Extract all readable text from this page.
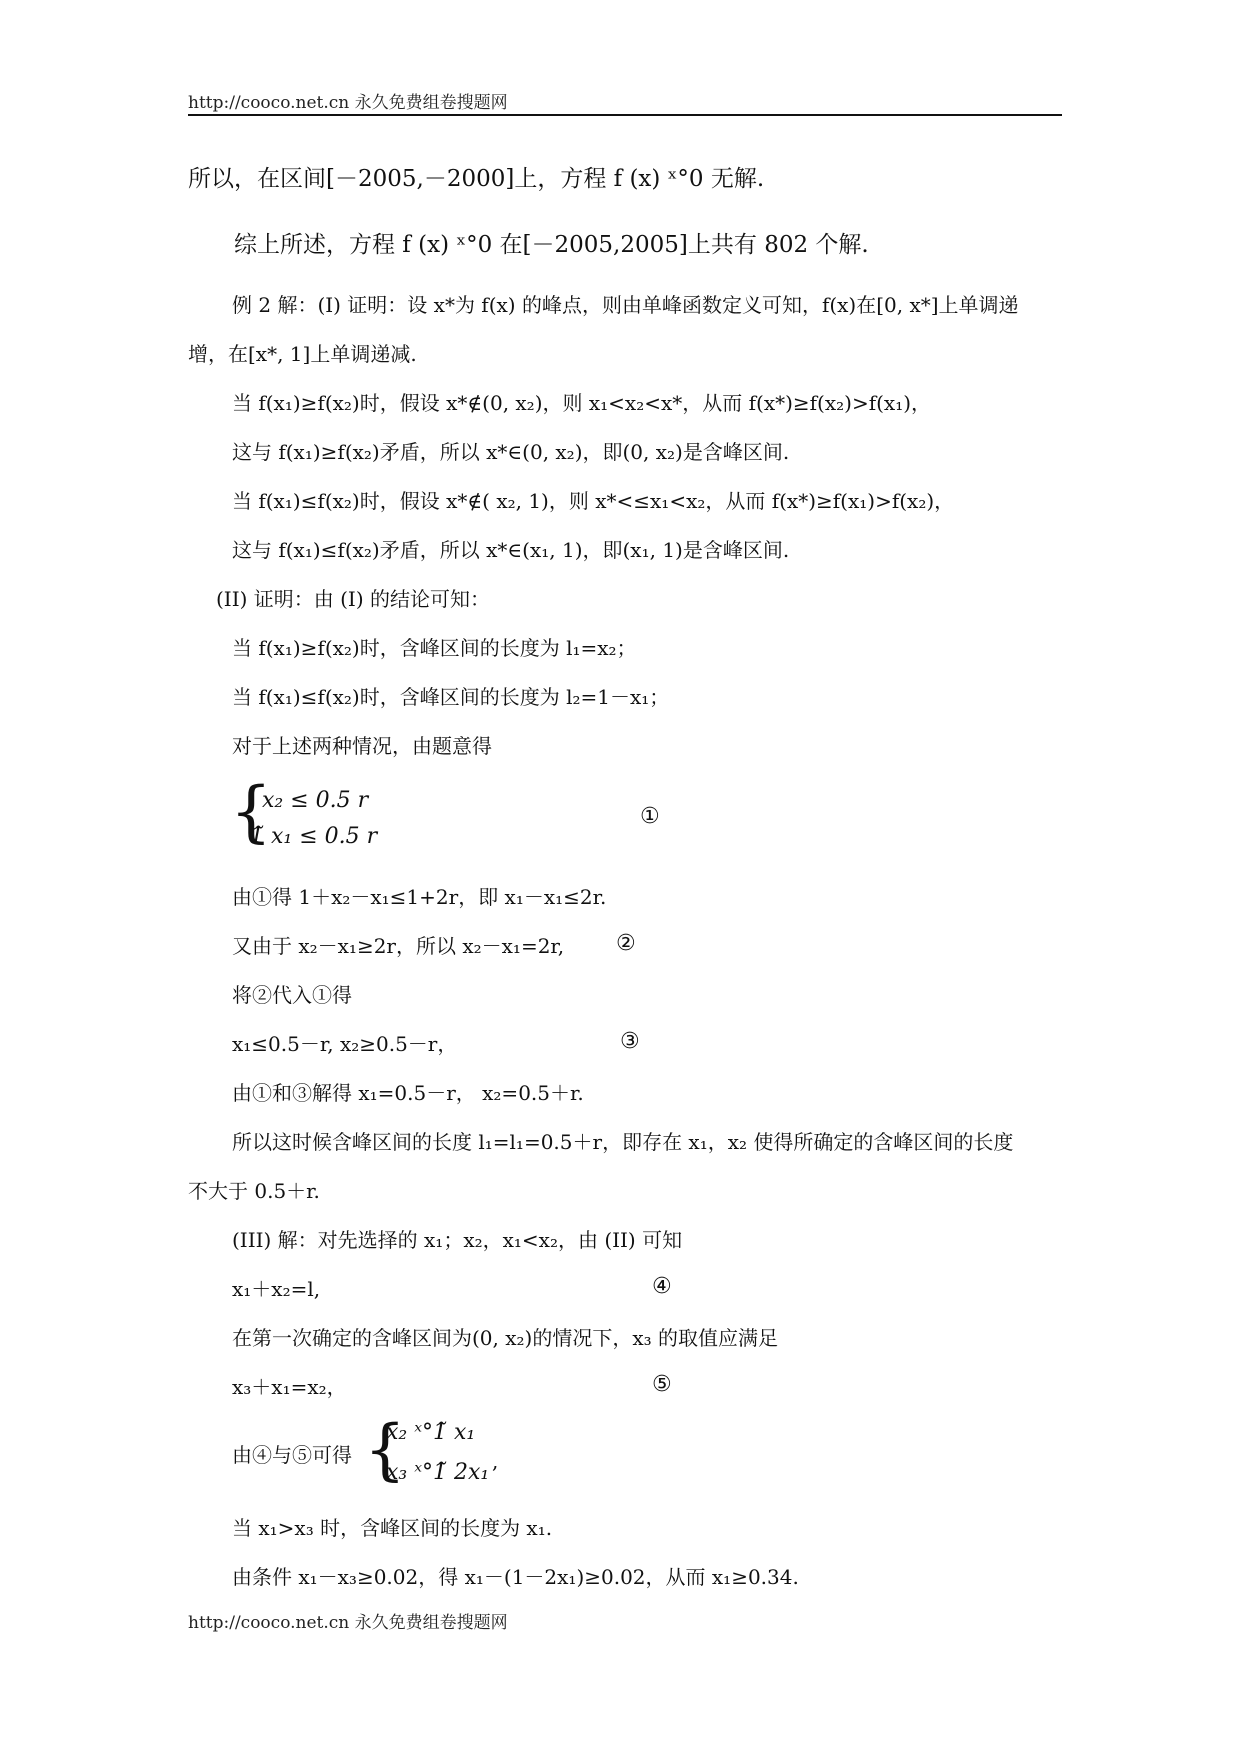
http://cooco.net.cn 永久免费组卷搜题网
所以，在区间[－2005,－2000]上，方程 f (x) ˣ°0 无解.
综上所述，方程 f (x) ˣ°0 在[－2005,2005]上共有 802 个解.
例 2 解：(I) 证明：设 x*为 f(x) 的峰点，则由单峰函数定义可知，f(x)在[0, x*]上单调递
增，在[x*, 1]上单调递减.
当 f(x₁)≥f(x₂)时，假设 x*∉(0, x₂)，则 x₁<x₂<x*，从而 f(x*)≥f(x₂)>f(x₁)，
这与 f(x₁)≥f(x₂)矛盾，所以 x*∈(0, x₂)，即(0, x₂)是含峰区间.
当 f(x₁)≤f(x₂)时，假设 x*∉( x₂, 1)，则 x*<≤x₁<x₂，从而 f(x*)≥f(x₁)>f(x₂)，
这与 f(x₁)≤f(x₂)矛盾，所以 x*∈(x₁, 1)，即(x₁, 1)是含峰区间.
(II) 证明：由 (I) 的结论可知：
当 f(x₁)≥f(x₂)时，含峰区间的长度为 l₁=x₂；
当 f(x₁)≤f(x₂)时，含峰区间的长度为 l₂=1－x₁；
对于上述两种情况，由题意得
{
x₂ ≤ 0.5 r
1̃ x₁ ≤ 0.5 r
①
由①得 1＋x₂－x₁≤1+2r，即 x₁－x₁≤2r.
又由于 x₂－x₁≥2r，所以 x₂－x₁=2r, ②
将②代入①得
x₁≤0.5－r, x₂≥0.5－r，	③
由①和③解得 x₁=0.5－r， x₂=0.5＋r.
所以这时候含峰区间的长度 l₁=l₁=0.5＋r，即存在 x₁，x₂ 使得所确定的含峰区间的长度
不大于 0.5＋r.
(III) 解：对先选择的 x₁；x₂，x₁<x₂，由 (II) 可知
x₁＋x₂=l,	④
在第一次确定的含峰区间为(0, x₂)的情况下，x₃ 的取值应满足
x₃＋x₁=x₂，	⑤
由④与⑤可得 {
x₂ ˣ°1̃ x₁
x₃ ˣ°1̃ 2x₁ ,
当 x₁>x₃ 时，含峰区间的长度为 x₁.
由条件 x₁－x₃≥0.02，得 x₁－(1－2x₁)≥0.02，从而 x₁≥0.34.
http://cooco.net.cn 永久免费组卷搜题网
